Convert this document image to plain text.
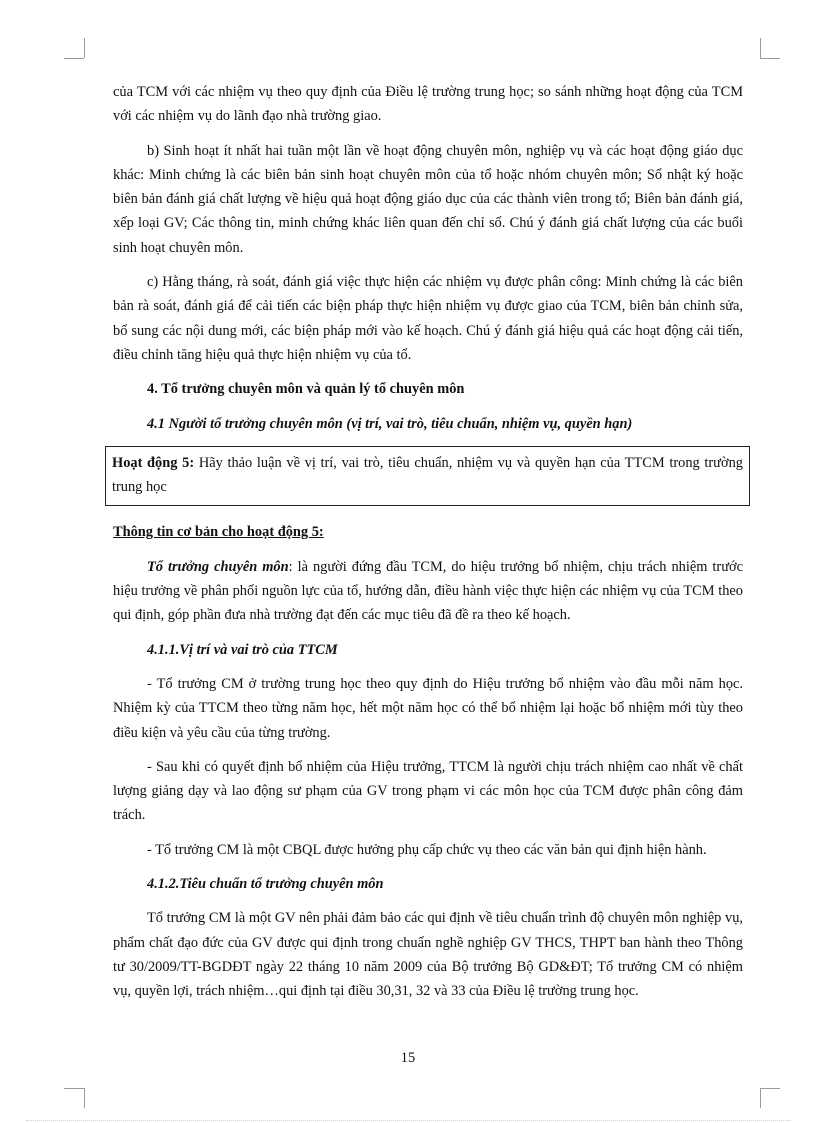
của TCM với các nhiệm vụ theo quy định của Điều lệ trường trung học; so sánh những hoạt động của TCM với các nhiệm vụ do lãnh đạo nhà trường giao.

b) Sinh hoạt ít nhất hai tuần một lần về hoạt động chuyên môn, nghiệp vụ và các hoạt động giáo dục khác: Minh chứng là các biên bản sinh hoạt chuyên môn của tổ hoặc nhóm chuyên môn; Sổ nhật ký hoặc biên bản đánh giá chất lượng về hiệu quả hoạt động giáo dục của các thành viên trong tổ; Biên bản đánh giá, xếp loại GV; Các thông tin, minh chứng khác liên quan đến chỉ số. Chú ý đánh giá chất lượng của các buổi sinh hoạt chuyên môn.

c) Hằng tháng, rà soát, đánh giá việc thực hiện các nhiệm vụ được phân công: Minh chứng là các biên bản rà soát, đánh giá để cải tiến các biện pháp thực hiện nhiệm vụ được giao của TCM, biên bản chỉnh sửa, bổ sung các nội dung mới, các biện pháp mới vào kế hoạch. Chú ý đánh giá hiệu quả các hoạt động cải tiến, điều chỉnh tăng hiệu quả thực hiện nhiệm vụ của tổ.

4. Tổ trưởng chuyên môn và quản lý tổ chuyên môn

4.1 Người tổ trưởng chuyên môn (vị trí, vai trò, tiêu chuẩn, nhiệm vụ, quyền hạn)

Hoạt động 5: Hãy thảo luận về vị trí, vai trò, tiêu chuẩn, nhiệm vụ và quyền hạn của TTCM trong trường trung học

Thông tin cơ bản cho hoạt động 5:

Tổ trưởng chuyên môn: là người đứng đầu TCM, do hiệu trưởng bổ nhiệm, chịu trách nhiệm trước hiệu trưởng về phân phối nguồn lực của tổ, hướng dẫn, điều hành việc thực hiện các nhiệm vụ của TCM theo qui định, góp phần đưa nhà trường đạt đến các mục tiêu đã đề ra theo kế hoạch.

4.1.1.Vị trí và vai trò của TTCM

- Tổ trưởng CM ở trường trung học theo quy định do Hiệu trưởng bổ nhiệm vào đầu mỗi năm học. Nhiệm kỳ của TTCM theo từng năm học, hết một năm học có thể bổ nhiệm lại hoặc bổ nhiệm mới tùy theo điều kiện và yêu cầu của từng trường.

- Sau khi có quyết định bổ nhiệm của Hiệu trưởng, TTCM là người chịu trách nhiệm cao nhất về chất lượng giảng dạy và lao động sư phạm của GV trong phạm vi các môn học của TCM được phân công đảm trách.

- Tổ trưởng CM là một CBQL được hưởng phụ cấp chức vụ theo các văn bản qui định hiện hành.

4.1.2.Tiêu chuẩn tổ trưởng chuyên môn

Tổ trưởng CM là một GV nên phải đảm bảo các qui định về tiêu chuẩn trình độ chuyên môn nghiệp vụ, phẩm chất đạo đức của GV được qui định trong chuẩn nghề nghiệp GV THCS, THPT ban hành theo Thông tư 30/2009/TT-BGDĐT ngày 22 tháng 10 năm 2009 của Bộ trưởng Bộ GD&ĐT; Tổ trưởng CM có nhiệm vụ, quyền lợi, trách nhiệm…qui định tại điều 30,31, 32 và 33 của Điều lệ trường trung học.

15
